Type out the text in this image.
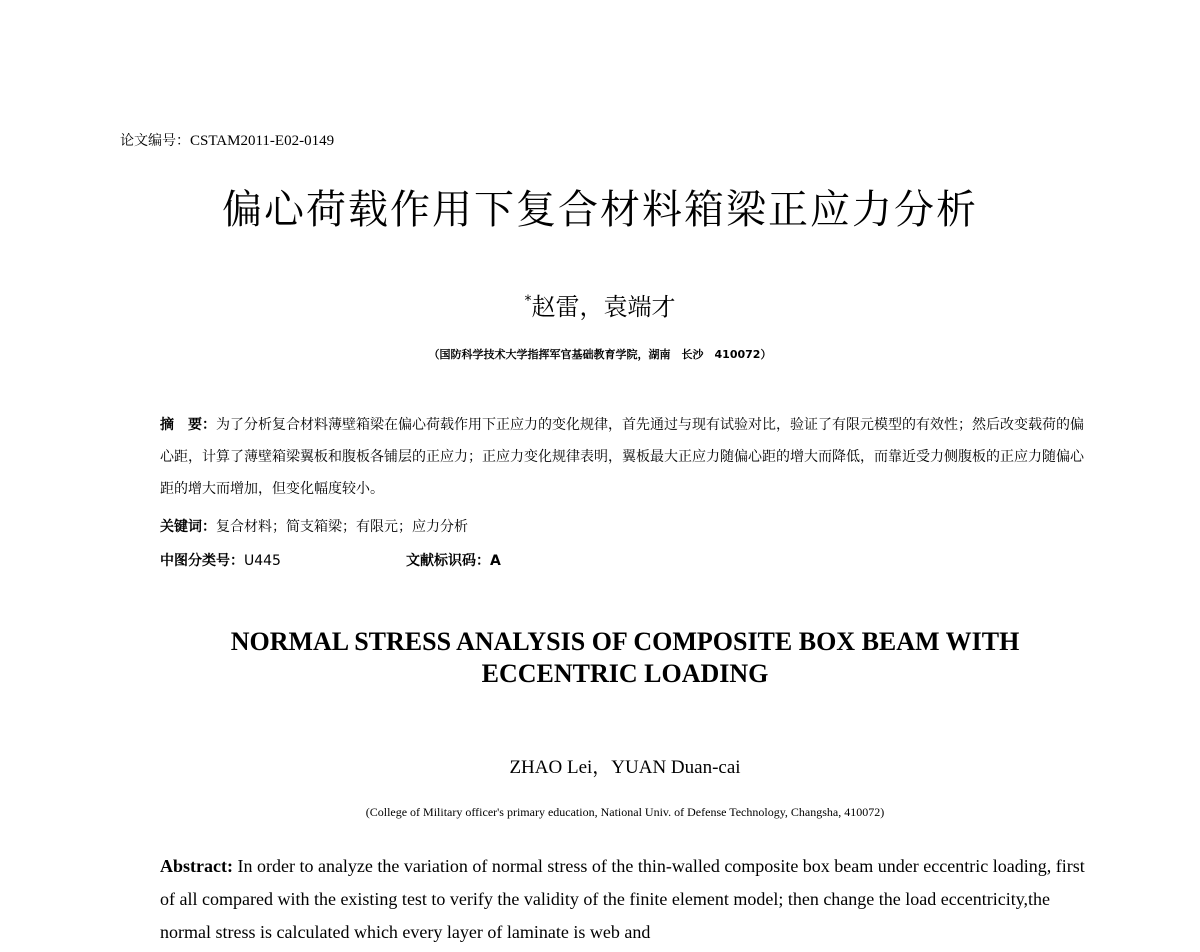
论文编号：CSTAM2011-E02-0149
偏心荷载作用下复合材料箱梁正应力分析
*赵雷，袁端才
（国防科学技术大学指挥军官基础教育学院，湖南　长沙　410072）
摘　要：为了分析复合材料薄壁箱梁在偏心荷载作用下正应力的变化规律，首先通过与现有试验对比，验证了有限元模型的有效性；然后改变载荷的偏心距，计算了薄壁箱梁翼板和腹板各铺层的正应力；正应力变化规律表明，翼板最大正应力随偏心距的增大而降低，而靠近受力侧腹板的正应力随偏心距的增大而增加，但变化幅度较小。
关键词：复合材料；简支箱梁；有限元；应力分析
中图分类号：U445	文献标识码：A
NORMAL STRESS ANALYSIS OF COMPOSITE BOX BEAM WITH
ECCENTRIC LOADING
ZHAO Lei，YUAN Duan-cai
(College of Military officer's primary education, National Univ. of Defense Technology, Changsha, 410072)
Abstract: In order to analyze the variation of normal stress of the thin-walled composite box beam under eccentric loading, first of all compared with the existing test to verify the validity of the finite element model; then change the load eccentricity,the normal stress is calculated which every layer of laminate is web and
